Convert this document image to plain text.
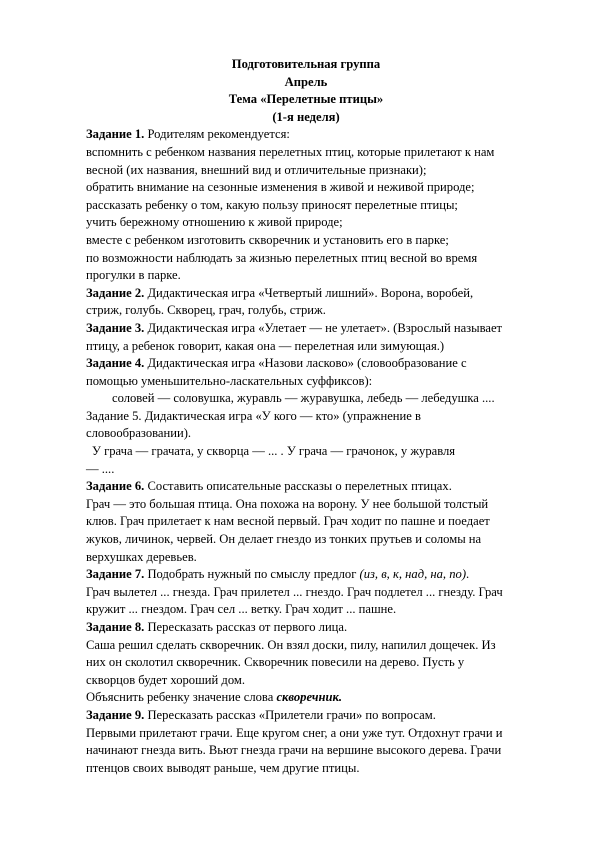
Подготовительная группа
Апрель
Тема «Перелетные птицы»
(1-я неделя)
Задание 1. Родителям рекомендуется:
вспомнить с ребенком названия перелетных птиц, которые прилетают к нам
весной (их названия, внешний вид и отличительные признаки);
обратить внимание на сезонные изменения в живой и неживой природе;
рассказать ребенку о том, какую пользу приносят перелетные птицы;
учить бережному отношению к живой природе;
вместе с ребенком изготовить скворечник и установить его в парке;
по возможности наблюдать за жизнью перелетных птиц весной во время
прогулки в парке.
Задание 2. Дидактическая игра «Четвертый лишний». Ворона, воробей,
стриж, голубь. Скворец, грач, голубь, стриж.
Задание 3. Дидактическая игра «Улетает — не улетает». (Взрослый называет
птицу, а ребенок говорит, какая она — перелетная или зимующая.)
Задание 4. Дидактическая игра «Назови ласково» (словообразование с
помощью уменьшительно-ласкательных суффиксов):
соловей — соловушка, журавль — журавушка, лебедь — лебедушка ....
Задание 5. Дидактическая игра «У кого — кто» (упражнение в
словообразовании).
У грача — грачата, у скворца — ... . У грача — грачонок, у журавля
— ....
Задание 6. Составить описательные рассказы о перелетных птицах.
Грач — это большая птица. Она похожа на ворону. У нее большой толстый
клюв. Грач прилетает к нам весной первый. Грач ходит по пашне и поедает
жуков, личинок, червей. Он делает гнездо из тонких прутьев и соломы на
верхушках деревьев.
Задание 7. Подобрать нужный по смыслу предлог (из, в, к, над, на, по).
Грач вылетел ... гнезда. Грач прилетел ... гнездо. Грач подлетел ... гнезду. Грач
кружит ... гнездом. Грач сел ... ветку. Грач ходит ... пашне.
Задание 8. Пересказать рассказ от первого лица.
Саша решил сделать скворечник. Он взял доски, пилу, напилил дощечек. Из
них он сколотил скворечник. Скворечник повесили на дерево. Пусть у
скворцов будет хороший дом.
Объяснить ребенку значение слова скворечник.
Задание 9. Пересказать рассказ «Прилетели грачи» по вопросам.
Первыми прилетают грачи. Еще кругом снег, а они уже тут. Отдохнут грачи и
начинают гнезда вить. Вьют гнезда грачи на вершине высокого дерева. Грачи
птенцов своих выводят раньше, чем другие птицы.
